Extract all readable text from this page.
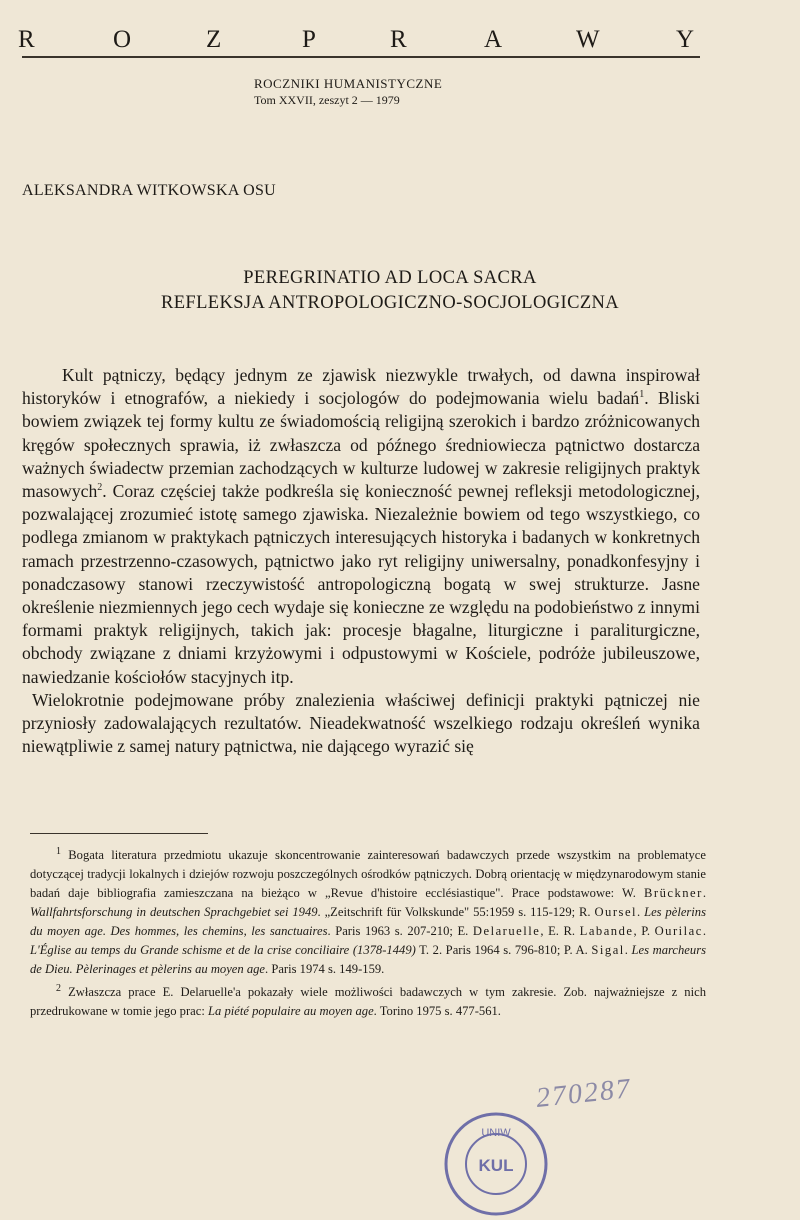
R	O	Z	P	R	A	W	Y
ROCZNIKI HUMANISTYCZNE
Tom XXVII, zeszyt 2 — 1979
ALEKSANDRA WITKOWSKA OSU
PEREGRINATIO AD LOCA SACRA
REFLEKSJA ANTROPOLOGICZNO-SOCJOLOGICZNA

Kult pątniczy, będący jednym ze zjawisk niezwykle trwałych, od dawna inspirował historyków i etnografów, a niekiedy i socjologów do podejmowania wielu badań$^1$. Bliski bowiem związek tej formy kultu ze świadomością religijną szerokich i bardzo zróżnicowanych kręgów społecznych sprawia, iż zwłaszcza od późnego średniowiecza pątnictwo dostarcza ważnych świadectw przemian zachodzących w kulturze ludowej w zakresie religijnych praktyk masowych$^2$. Coraz częściej także podkreśla się konieczność pewnej refleksji metodologicznej, pozwalającej zrozumieć istotę samego zjawiska. Niezależnie bowiem od tego wszystkiego, co podlega zmianom w praktykach pątniczych interesujących historyka i badanych w konkretnych ramach przestrzenno-czasowych, pątnictwo jako ryt religijny uniwersalny, ponadkonfesyjny i ponadczasowy stanowi rzeczywistość antropologiczną bogatą w swej strukturze. Jasne określenie niezmiennych jego cech wydaje się konieczne ze względu na podobieństwo z innymi formami praktyk religijnych, takich jak: procesje błagalne, liturgiczne i paraliturgiczne, obchody związane z dniami krzyżowymi i odpustowymi w Kościele, podróże jubileuszowe, nawiedzanie kościołów stacyjnych itp.

Wielokrotnie podejmowane próby znalezienia właściwej definicji praktyki pątniczej nie przyniosły zadowalających rezultatów. Nieadekwatność wszelkiego rodzaju określeń wynika niewątpliwie z samej natury pątnictwa, nie dającego wyrazić się

$^1$ Bogata literatura przedmiotu ukazuje skoncentrowanie zainteresowań badawczych przede wszystkim na problematyce dotyczącej tradycji lokalnych i dziejów rozwoju poszczególnych ośrodków pątniczych. Dobrą orientację w międzynarodowym stanie badań daje bibliografia zamieszczana na bieżąco w „Revue d'histoire ecclésiastique". Prace podstawowe: W. Brückner. Wallfahrtsforschung in deutschen Sprachgebiet sei 1949. „Zeitschrift für Volkskunde" 55:1959 s. 115-129; R. Oursel. Les pèlerins du moyen age. Des hommes, les chemins, les sanctuaires. Paris 1963 s. 207-210; E. Delaruelle, E. R. Labande, P. Ourilac. L'Église au temps du Grande schisme et de la crise conciliaire (1378-1449) T. 2. Paris 1964 s. 796-810; P. A. Sigal. Les marcheurs de Dieu. Pèlerinages et pèlerins au moyen age. Paris 1974 s. 149-159.

$^2$ Zwłaszcza prace E. Delaruelle'a pokazały wiele możliwości badawczych w tym zakresie. Zob. najważniejsze z nich przedrukowane w tomie jego prac: La piété populaire au moyen age. Torino 1975 s. 477-561.

270287
UNIW
KUL
